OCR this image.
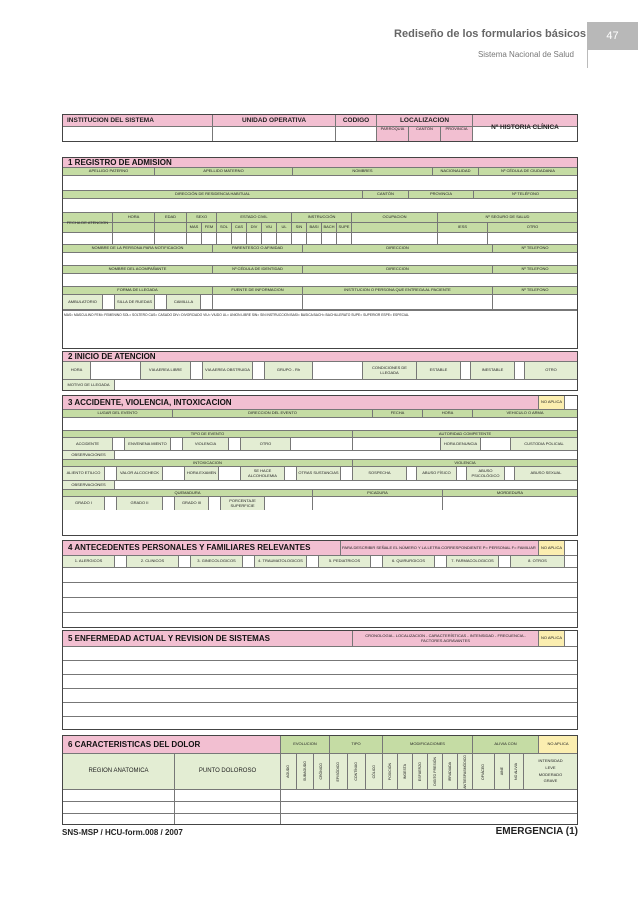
Rediseño de los formularios básicos
Sistema Nacional de Salud
47
INSTITUCION DEL SISTEMA	UNIDAD OPERATIVA	CODIGO	LOCALIZACION
Nº HISTORIA CLÍNICA
PARROQUIA	CANTÓN	PROVINCIA
1 REGISTRO DE ADMISION
APELLIDO PATERNO	APELLIDO MATERNO	NOMBRES	NACIONALIDAD	Nº CÉDULA DE CIUDADANIA
DIRECCIÓN DE RESIDENCIA HABITUAL	CANTÓN	PROVINCIA	Nº TELÉFONO
FECHA DE ATENCION
HORA	EDAD	SEXO	ESTADO CIVIL	INSTRUCCIÓN	OCUPACION	Nº SEGURO DE SALUD
MAS	FEM	SOL	CAS	DIV	VIU	UL	SIN	BASI	BACH SUPE	IESS	OTRO
NOMBRE DE LA PERSONA PARA NOTIFICACION	PARENTESCO O AFINIDAD	DIRECCION	Nº TELEFONO
NOMBRE DEL ACOMPAÑANTE	Nº CÉDULA DE IDENTIDAD	DIRECCION	Nº TELEFONO
FORMA DE LLEGADA	FUENTE DE INFORMACION	INSTITUCION O PERSONA QUE ENTREGA AL PACIENTE	Nº TELEFONO
AMBULATORIO	SILLA DE RUEDAS	CAMILLLA
MAS= MASCULINO FEM= FEMENINO SOL= SOLTERO CAS= CASADO DIV= DIVORCIADO VIU= VIUDO UL= UNION LIBRE SIN= SIN INSTRUCCION BASI= BASICA BACH= BACHILLERATO SUPE= SUPERIOR ESPE= ESPECIAL
2 INICIO DE ATENCION
HORA	VIA AEREA LIBRE	VIA AEREA OBSTRUIDA	GRUPO - Rh	CONDICIONES DE LLEGADA	ESTABLE	INESTABLE	OTRO
MOTIVO DE LLEGADA
3 ACCIDENTE, VIOLENCIA, INTOXICACION	NO APLICA
LUGAR DEL EVENTO	DIRECCION DEL EVENTO	FECHA	HORA	VEHICULO O ARMA
TIPO DE EVENTO	AUTORIDAD COMPETENTE
ACCIDENTE	ENVENENA MIENTO	VIOLENCIA	OTRO	HORA DENUNCIA	CUSTODIA POLICIAL
OBSERVACIONES
INTOXICACION	VIOLENCIA
ALIENTO ETILICO	VALOR ALCOCHECK	HORA EXAMEN	SE HACE ALCOHOLEMIA	OTRAS SUSTANCIAS	SOSPECHA	ABUSO FÍSICO	ABUSO PSICOLÓGICO	ABUSO SEXUAL
OBSERVACIONES
QUEMADURA	PICADURA	MORDEDURA
GRADO I	GRADO II	GRADO III	PORCENTAJE SUPERFICIE
4 ANTECEDENTES PERSONALES Y FAMILIARES RELEVANTES	PARA DESCRIBIR SEÑALE EL NÚMERO Y LA LETRA CORRESPONDIENTE P= PERSONAL F= FAMILIAR	NO APLICA
1. ALERGICOS	2. CLINICOS	3. GINECOLOGICOS	4. TRAUMATOLOGICOS	5. PEDIATRICOS	6. QUIRURGICOS	7. FARMACOLOGICOS	8. OTROS
5 ENFERMEDAD ACTUAL Y REVISION DE SISTEMAS	CRONOLOGIA - LOCALIZACION - CARACTERÍSTICAS - INTENSIDAD - FRECUENCIA - FACTORES AGRAVANTES	NO APLICA
6 CARACTERISTICAS DEL DOLOR	EVOLUCION	TIPO	MODIFICACIONES	ALIVIA CON	NO APLICA
REGION ANATOMICA	PUNTO DOLOROSO	AGUDO	SUBAGUDO	CRÓNICO	EPISÓDICO	CONTÍNUO	CÓLICO	POSICIÓN	INGESTA	ESFUERZO	DIGITO PRESIÓN	IRRADIADA	ANTIESPASMÓDICO	OPIÁCEO	AINE	NO ALIVIA
INTENSIDAD
LEVE
MODERADO
GRAVE
SNS-MSP / HCU-form.008 / 2007	EMERGENCIA (1)
